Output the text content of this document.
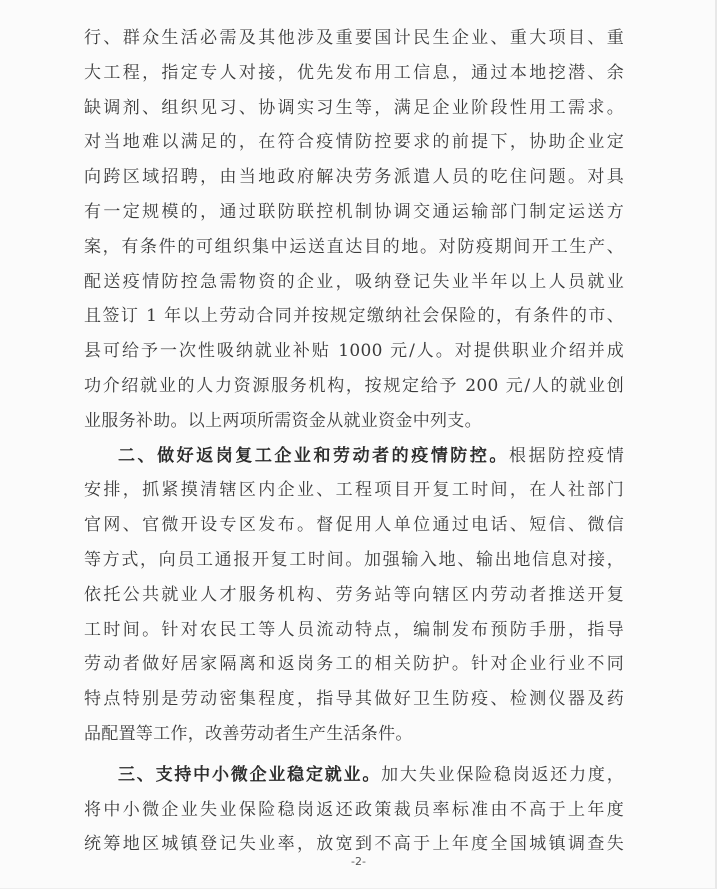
行、群众生活必需及其他涉及重要国计民生企业、重大项目、重
大工程，指定专人对接，优先发布用工信息，通过本地挖潜、余
缺调剂、组织见习、协调实习生等，满足企业阶段性用工需求。
对当地难以满足的，在符合疫情防控要求的前提下，协助企业定
向跨区域招聘，由当地政府解决劳务派遣人员的吃住问题。对具
有一定规模的，通过联防联控机制协调交通运输部门制定运送方
案，有条件的可组织集中运送直达目的地。对防疫期间开工生产、
配送疫情防控急需物资的企业，吸纳登记失业半年以上人员就业
且签订 1 年以上劳动合同并按规定缴纳社会保险的，有条件的市、
县可给予一次性吸纳就业补贴 1000 元/人。对提供职业介绍并成
功介绍就业的人力资源服务机构，按规定给予 200 元/人的就业创
业服务补助。以上两项所需资金从就业资金中列支。
二、做好返岗复工企业和劳动者的疫情防控。根据防控疫情
安排，抓紧摸清辖区内企业、工程项目开复工时间，在人社部门
官网、官微开设专区发布。督促用人单位通过电话、短信、微信
等方式，向员工通报开复工时间。加强输入地、输出地信息对接，
依托公共就业人才服务机构、劳务站等向辖区内劳动者推送开复
工时间。针对农民工等人员流动特点，编制发布预防手册，指导
劳动者做好居家隔离和返岗务工的相关防护。针对企业行业不同
特点特别是劳动密集程度，指导其做好卫生防疫、检测仪器及药
品配置等工作，改善劳动者生产生活条件。
三、支持中小微企业稳定就业。加大失业保险稳岗返还力度，
将中小微企业失业保险稳岗返还政策裁员率标准由不高于上年度
统筹地区城镇登记失业率，放宽到不高于上年度全国城镇调查失
-2-
